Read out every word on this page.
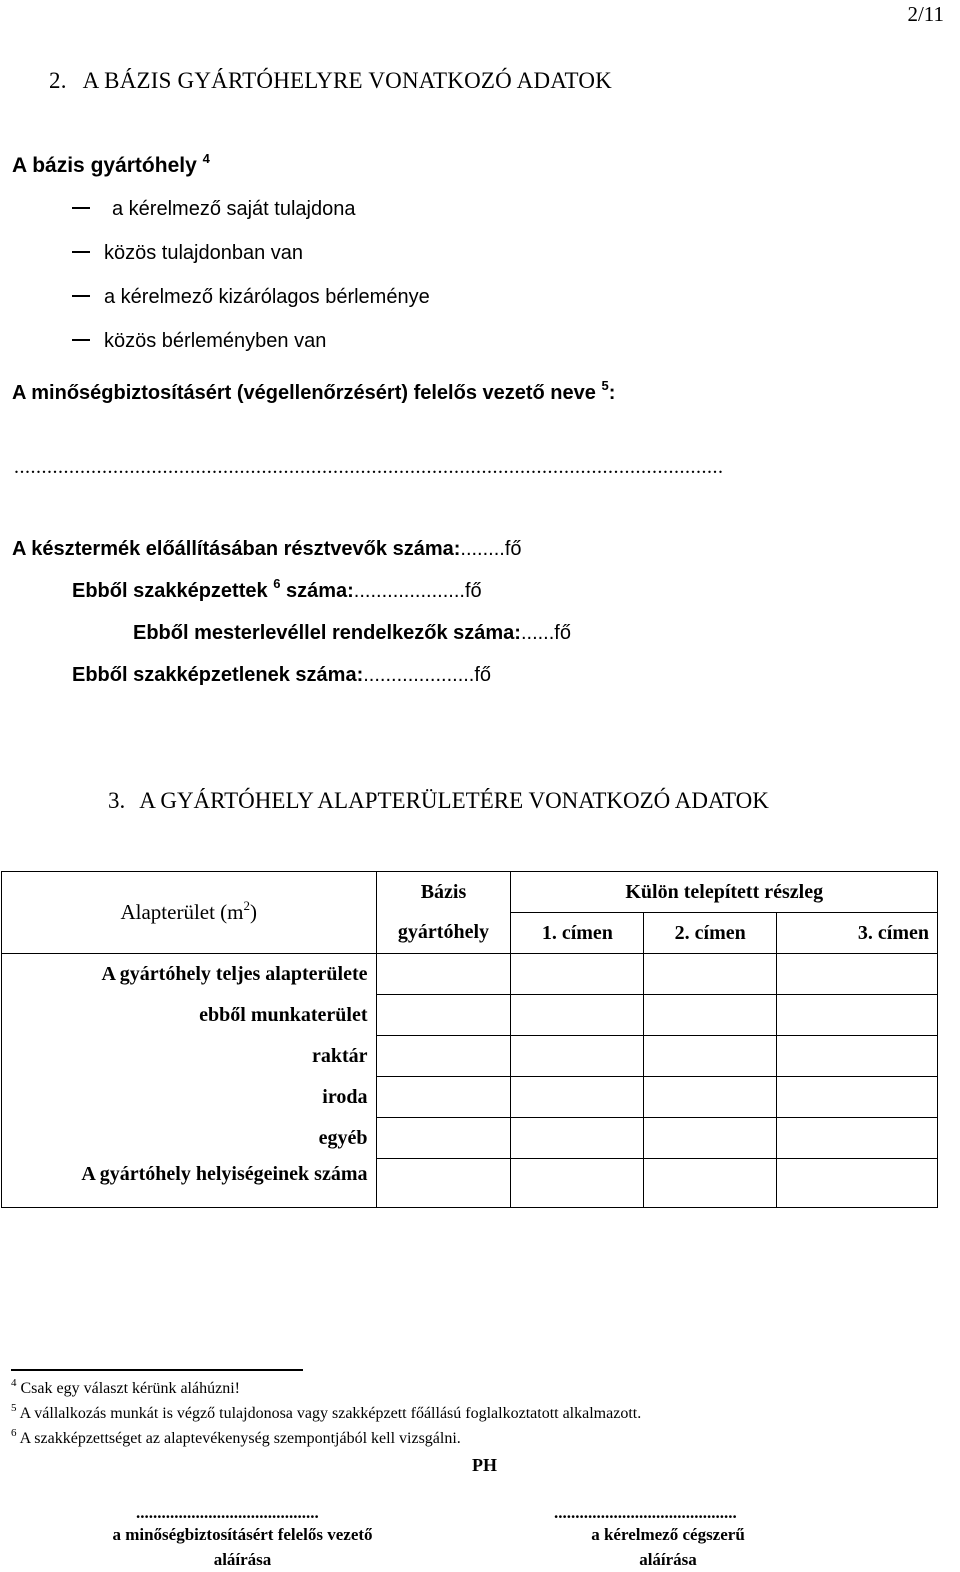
2/11
2. A BÁZIS GYÁRTÓHELYRE VONATKOZÓ ADATOK
A bázis gyártóhely $^4$
a kérelmező saját tulajdona
közös tulajdonban van
a kérelmező kizárólagos bérleménye
közös bérleményben van
A minőségbiztosításért (végellenőrzésért) felelős vezető neve $^5$:
.................................................................................................................................
A késztermék előállításában résztvevők száma:........fő
Ebből szakképzettek $^6$ száma:....................fő
Ebből mesterlevéllel rendelkezők száma:......fő
Ebből szakképzetlenek száma:....................fő
3. A GYÁRTÓHELY ALAPTERÜLETÉRE VONATKOZÓ ADATOK
Alapterület $(m^2)$	Bázis	Külön telepített részleg		
	gyártóhely	1. címen	2. címen	3. címen
A gyártóhely teljes alapterülete				
ebből munkaterület				
raktár				
iroda				
egyéb				
A gyártóhely helyiségeinek száma				
$^4$ Csak egy választ kérünk aláhúzni!
$^5$ A vállalkozás munkát is végző tulajdonosa vagy szakképzett főállású foglalkoztatott alkalmazott.
$^6$ A szakképzettséget az alaptevékenység szempontjából kell vizsgálni.
PH
...........................................
a minőségbiztosításért felelős vezető
aláírása
...........................................
a kérelmező cégszerű
aláírása
